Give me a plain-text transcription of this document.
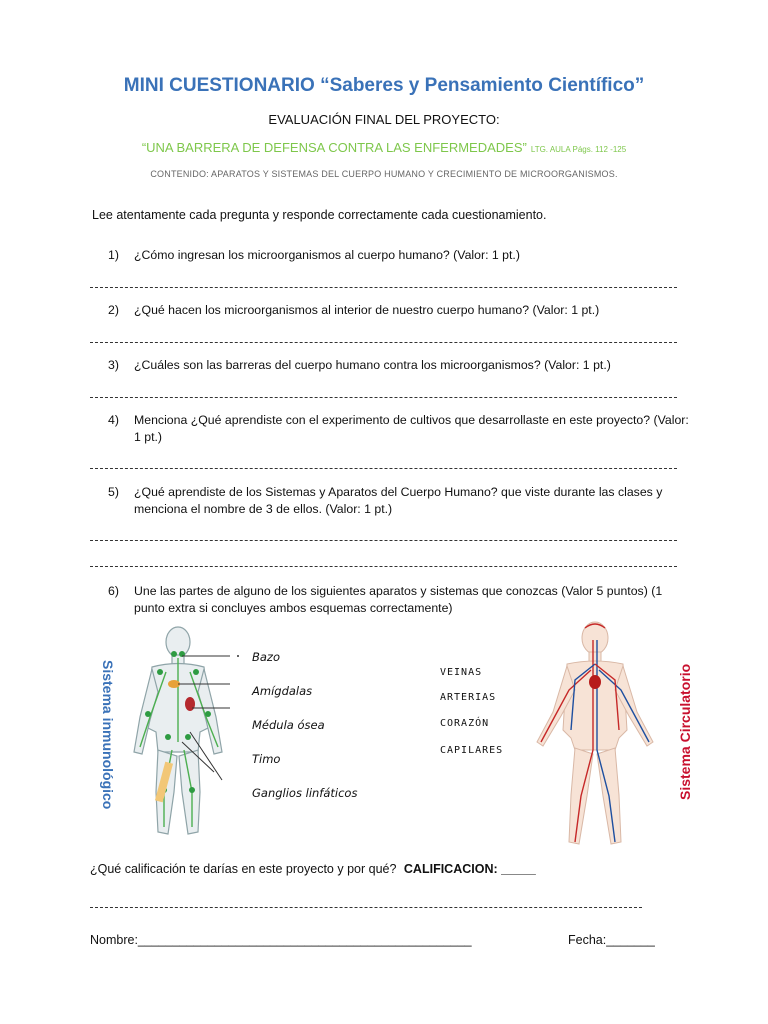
MINI CUESTIONARIO “Saberes y Pensamiento Científico”
EVALUACIÓN FINAL DEL PROYECTO:
“UNA BARRERA DE DEFENSA CONTRA LAS ENFERMEDADES” LTG. AULA Págs. 112 -125
CONTENIDO: APARATOS Y SISTEMAS DEL CUERPO HUMANO Y CRECIMIENTO DE MICROORGANISMOS.
Lee atentamente cada pregunta y responde correctamente cada cuestionamiento.
1) ¿Cómo ingresan los microorganismos al cuerpo humano? (Valor: 1 pt.)
2) ¿Qué hacen los microorganismos al interior de nuestro cuerpo humano? (Valor: 1 pt.)
3) ¿Cuáles son las barreras del cuerpo humano contra los microorganismos? (Valor: 1 pt.)
4) Menciona ¿Qué aprendiste con el experimento de cultivos que desarrollaste en este proyecto? (Valor: 1 pt.)
5) ¿Qué aprendiste de los Sistemas y Aparatos del Cuerpo Humano? que viste durante las clases y menciona el nombre de 3 de ellos. (Valor: 1 pt.)
6) Une las partes de alguno de los siguientes aparatos y sistemas que conozcas (Valor 5 puntos) (1 punto extra si concluyes ambos esquemas correctamente)
Sistema inmunológico
Bazo
Amígdalas
Médula ósea
Timo
Ganglios linfáticos
VEINAS
ARTERIAS
CORAZÓN
CAPILARES	Sistema Circulatorio
¿Qué calificación te darías en este proyecto y por qué? CALIFICACION: _____
Nombre:________________________________________________	Fecha:_______
